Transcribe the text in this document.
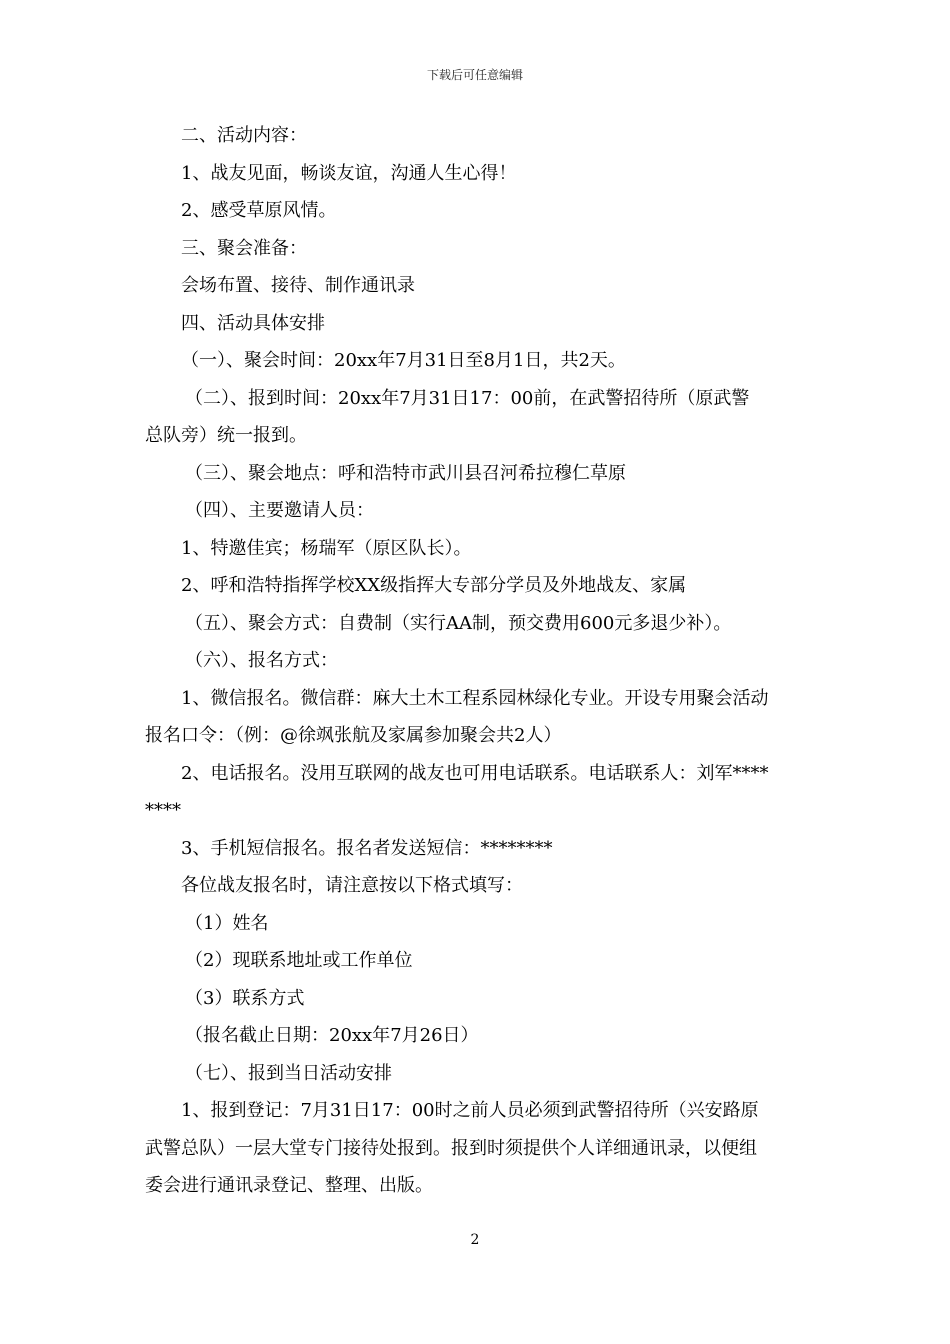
下载后可任意编辑

二、活动内容：

1、战友见面，畅谈友谊，沟通人生心得！

2、感受草原风情。

三、聚会准备：

会场布置、接待、制作通讯录

四、活动具体安排

（一）、聚会时间：20xx年7月31日至8月1日，共2天。

（二）、报到时间：20xx年7月31日17：00前，在武警招待所（原武警

总队旁）统一报到。

（三）、聚会地点：呼和浩特市武川县召河希拉穆仁草原

（四）、主要邀请人员：

1、特邀佳宾；杨瑞军（原区队长）。

2、呼和浩特指挥学校XX级指挥大专部分学员及外地战友、家属

（五）、聚会方式：自费制（实行AA制，预交费用600元多退少补）。

（六）、报名方式：

1、微信报名。微信群：麻大土木工程系园林绿化专业。开设专用聚会活动

报名口令：（例：@徐飒张航及家属参加聚会共2人）

2、电话报名。没用互联网的战友也可用电话联系。电话联系人：刘军****

****

3、手机短信报名。报名者发送短信：********

各位战友报名时，请注意按以下格式填写：

（1）姓名

（2）现联系地址或工作单位

（3）联系方式

（报名截止日期：20xx年7月26日）

（七）、报到当日活动安排

1、报到登记：7月31日17：00时之前人员必须到武警招待所（兴安路原

武警总队）一层大堂专门接待处报到。报到时须提供个人详细通讯录，以便组

委会进行通讯录登记、整理、出版。

2
